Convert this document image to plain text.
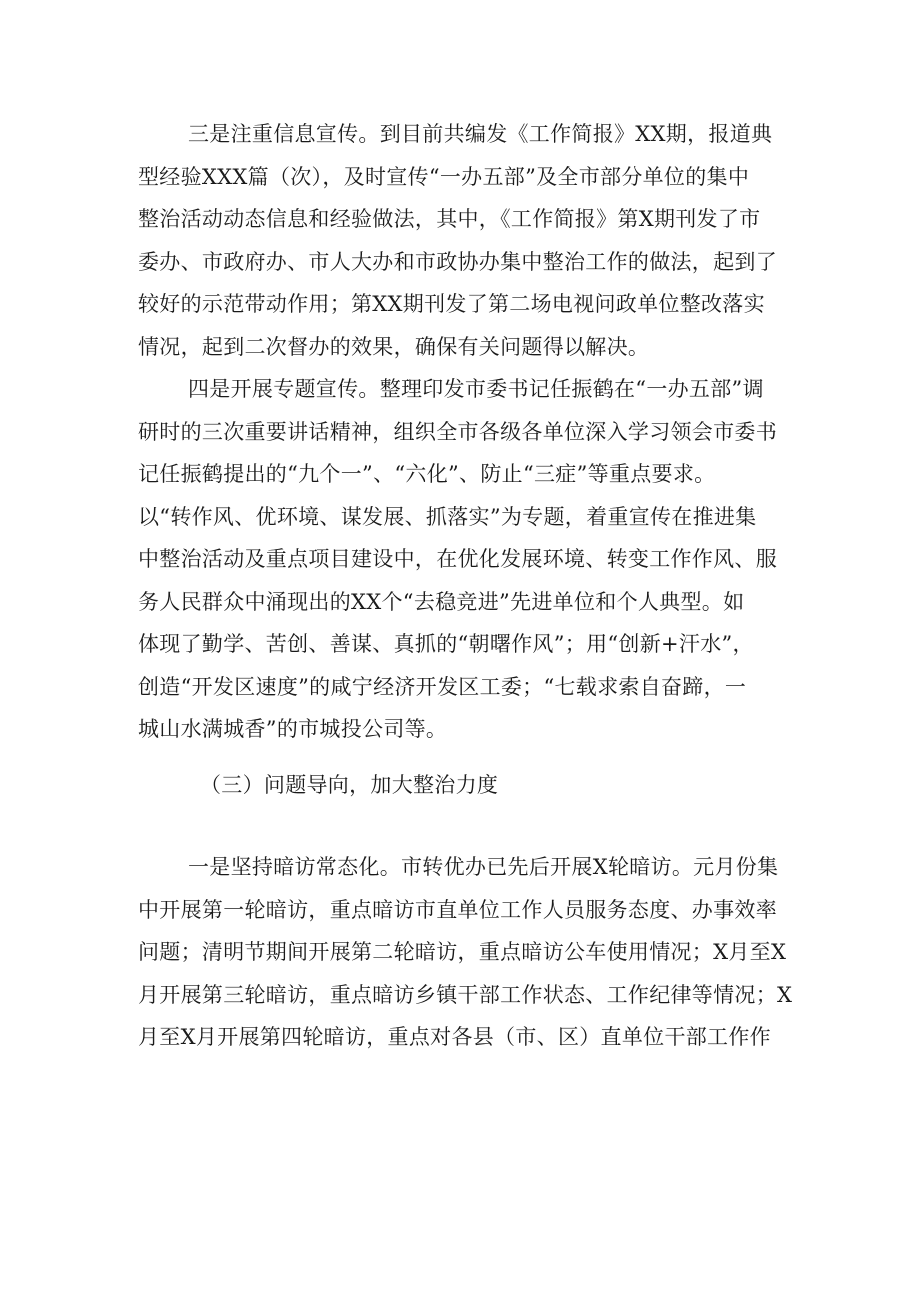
三是注重信息宣传。到目前共编发《工作简报》XX期，报道典
型经验XXX篇（次），及时宣传“一办五部”及全市部分单位的集中
整治活动动态信息和经验做法，其中，《工作简报》第X期刊发了市
委办、市政府办、市人大办和市政协办集中整治工作的做法，起到了
较好的示范带动作用；第XX期刊发了第二场电视问政单位整改落实
情况，起到二次督办的效果，确保有关问题得以解决。
四是开展专题宣传。整理印发市委书记任振鹤在“一办五部”调
研时的三次重要讲话精神，组织全市各级各单位深入学习领会市委书
记任振鹤提出的“九个一”、“六化”、防止“三症”等重点要求。
以“转作风、优环境、谋发展、抓落实”为专题，着重宣传在推进集
中整治活动及重点项目建设中，在优化发展环境、转变工作作风、服
务人民群众中涌现出的XX个“去稳竞进”先进单位和个人典型。如
体现了勤学、苦创、善谋、真抓的“朝曙作风”；用“创新+汗水”，
创造“开发区速度”的咸宁经济开发区工委；“七载求索自奋蹄，一
城山水满城香”的市城投公司等。
（三）问题导向，加大整治力度
一是坚持暗访常态化。市转优办已先后开展X轮暗访。元月份集
中开展第一轮暗访，重点暗访市直单位工作人员服务态度、办事效率
问题；清明节期间开展第二轮暗访，重点暗访公车使用情况；X月至X
月开展第三轮暗访，重点暗访乡镇干部工作状态、工作纪律等情况；X
月至X月开展第四轮暗访，重点对各县（市、区）直单位干部工作作
